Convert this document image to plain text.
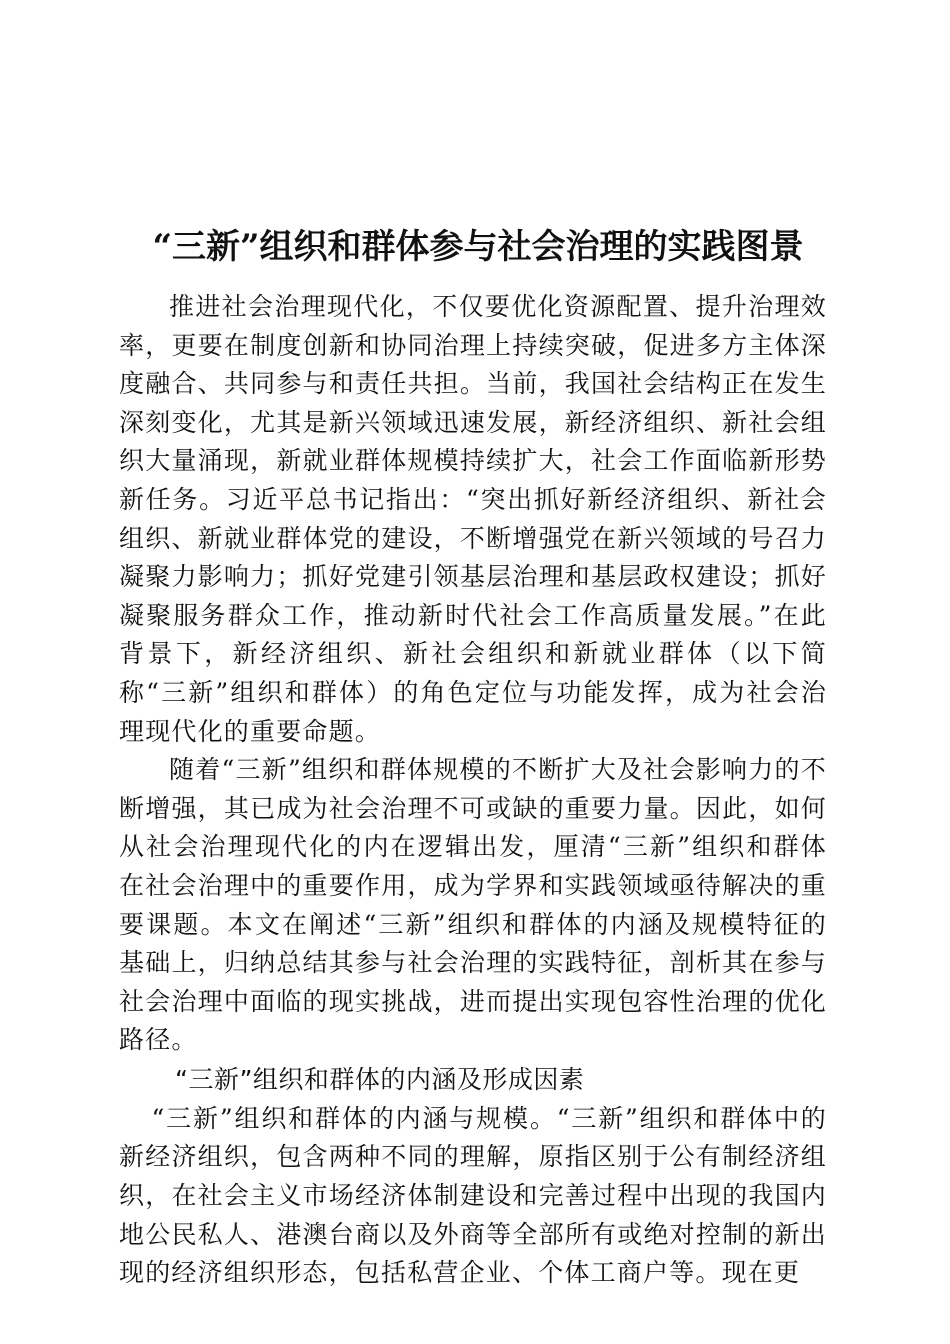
“三新”组织和群体参与社会治理的实践图景

推进社会治理现代化，不仅要优化资源配置、提升治理效率，更要在制度创新和协同治理上持续突破，促进多方主体深度融合、共同参与和责任共担。当前，我国社会结构正在发生深刻变化，尤其是新兴领域迅速发展，新经济组织、新社会组织大量涌现，新就业群体规模持续扩大，社会工作面临新形势新任务。习近平总书记指出：“突出抓好新经济组织、新社会组织、新就业群体党的建设，不断增强党在新兴领域的号召力凝聚力影响力；抓好党建引领基层治理和基层政权建设；抓好凝聚服务群众工作，推动新时代社会工作高质量发展。”在此背景下，新经济组织、新社会组织和新就业群体（以下简称“三新”组织和群体）的角色定位与功能发挥，成为社会治理现代化的重要命题。

随着“三新”组织和群体规模的不断扩大及社会影响力的不断增强，其已成为社会治理不可或缺的重要力量。因此，如何从社会治理现代化的内在逻辑出发，厘清“三新”组织和群体在社会治理中的重要作用，成为学界和实践领域亟待解决的重要课题。本文在阐述“三新”组织和群体的内涵及规模特征的基础上，归纳总结其参与社会治理的实践特征，剖析其在参与社会治理中面临的现实挑战，进而提出实现包容性治理的优化路径。

“三新”组织和群体的内涵及形成因素

“三新”组织和群体的内涵与规模。“三新”组织和群体中的新经济组织，包含两种不同的理解，原指区别于公有制经济组织，在社会主义市场经济体制建设和完善过程中出现的我国内地公民私人、港澳台商以及外商等全部所有或绝对控制的新出现的经济组织形态，包括私营企业、个体工商户等。现在更
